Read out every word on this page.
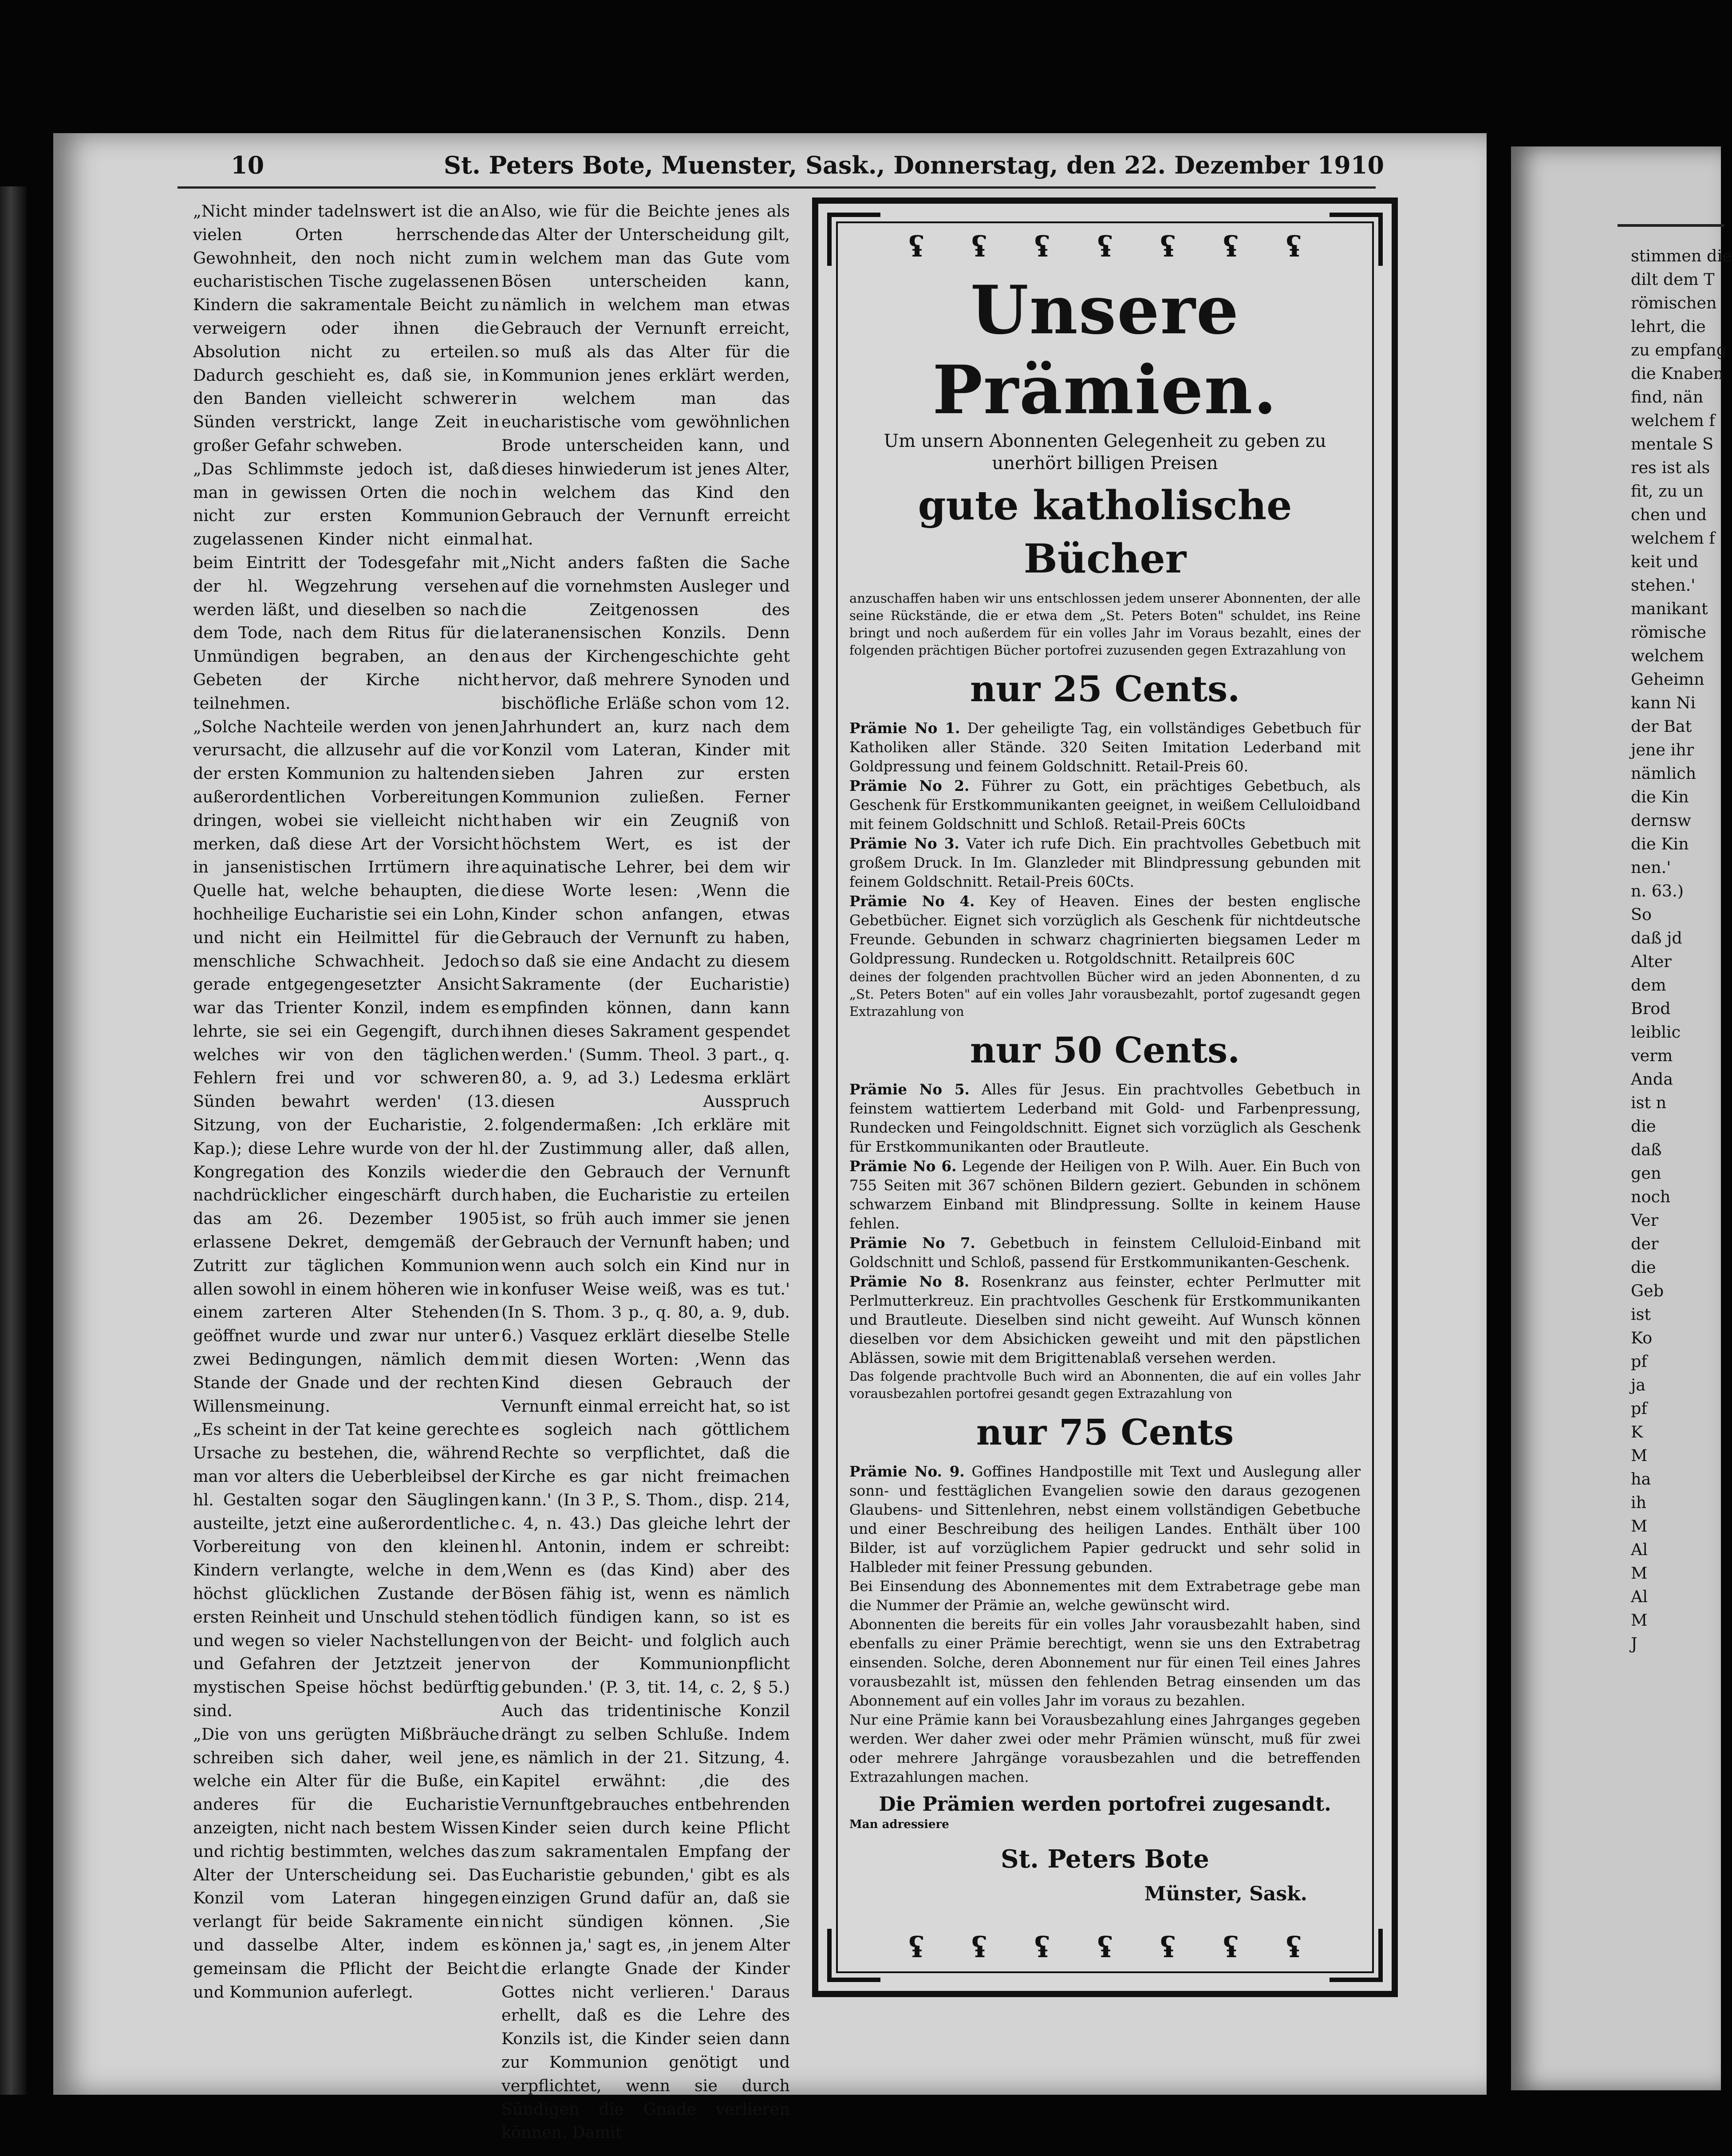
10	St. Peters Bote, Muenster, Sask., Donnerstag, den 22. Dezember 1910

„Nicht minder tadelnswert ist die an vielen Orten herrschende Gewohnheit, den noch nicht zum eucharistischen Tische zugelassenen Kindern die sakramentale Beicht zu verweigern oder ihnen die Absolution nicht zu erteilen. Dadurch geschieht es, daß sie, in den Banden vielleicht schwerer Sünden verstrickt, lange Zeit in großer Gefahr schweben.

„Das Schlimmste jedoch ist, daß man in gewissen Orten die noch nicht zur ersten Kommunion zugelassenen Kinder nicht einmal beim Eintritt der Todesgefahr mit der hl. Wegzehrung versehen werden läßt, und dieselben so nach dem Tode, nach dem Ritus für die Unmündigen begraben, an den Gebeten der Kirche nicht teilnehmen.

„Solche Nachteile werden von jenen verursacht, die allzusehr auf die vor der ersten Kommunion zu haltenden außerordentlichen Vorbereitungen dringen, wobei sie vielleicht nicht merken, daß diese Art der Vorsicht in jansenistischen Irrtümern ihre Quelle hat, welche behaupten, die hochheilige Eucharistie sei ein Lohn, und nicht ein Heilmittel für die menschliche Schwachheit. Jedoch gerade entgegengesetzter Ansicht war das Trienter Konzil, indem es lehrte, sie sei ein Gegengift, durch welches wir von den täglichen Fehlern frei und vor schweren Sünden bewahrt werden' (13. Sitzung, von der Eucharistie, 2. Kap.); diese Lehre wurde von der hl. Kongregation des Konzils wieder nachdrücklicher eingeschärft durch das am 26. Dezember 1905 erlassene Dekret, demgemäß der Zutritt zur täglichen Kommunion allen sowohl in einem höheren wie in einem zarteren Alter Stehenden geöffnet wurde und zwar nur unter zwei Bedingungen, nämlich dem Stande der Gnade und der rechten Willensmeinung.

„Es scheint in der Tat keine gerechte Ursache zu bestehen, die, während man vor alters die Ueberbleibsel der hl. Gestalten sogar den Säuglingen austeilte, jetzt eine außerordentliche Vorbereitung von den kleinen Kindern verlangte, welche in dem höchst glücklichen Zustande der ersten Reinheit und Unschuld stehen und wegen so vieler Nachstellungen und Gefahren der Jetztzeit jener mystischen Speise höchst bedürftig sind.

„Die von uns gerügten Mißbräuche schreiben sich daher, weil jene, welche ein Alter für die Buße, ein anderes für die Eucharistie anzeigten, nicht nach bestem Wissen und richtig bestimmten, welches das Alter der Unterscheidung sei. Das Konzil vom Lateran hingegen verlangt für beide Sakramente ein und dasselbe Alter, indem es gemeinsam die Pflicht der Beicht und Kommunion auferlegt.

Also, wie für die Beichte jenes als das Alter der Unterscheidung gilt, in welchem man das Gute vom Bösen unterscheiden kann, nämlich in welchem man etwas Gebrauch der Vernunft erreicht, so muß als das Alter für die Kommunion jenes erklärt werden, in welchem man das eucharistische vom gewöhnlichen Brode unterscheiden kann, und dieses hinwiederum ist jenes Alter, in welchem das Kind den Gebrauch der Vernunft erreicht hat.

„Nicht anders faßten die Sache auf die vornehmsten Ausleger und die Zeitgenossen des lateranensischen Konzils. Denn aus der Kirchengeschichte geht hervor, daß mehrere Synoden und bischöfliche Erläße schon vom 12. Jahrhundert an, kurz nach dem Konzil vom Lateran, Kinder mit sieben Jahren zur ersten Kommunion zuließen. Ferner haben wir ein Zeugniß von höchstem Wert, es ist der aquinatische Lehrer, bei dem wir diese Worte lesen: ‚Wenn die Kinder schon anfangen, etwas Gebrauch der Vernunft zu haben, so daß sie eine Andacht zu diesem Sakramente (der Eucharistie) empfinden können, dann kann ihnen dieses Sakrament gespendet werden.' (Summ. Theol. 3 part., q. 80, a. 9, ad 3.) Ledesma erklärt diesen Ausspruch folgendermaßen: ‚Ich erkläre mit der Zustimmung aller, daß allen, die den Gebrauch der Vernunft haben, die Eucharistie zu erteilen ist, so früh auch immer sie jenen Gebrauch der Vernunft haben; und wenn auch solch ein Kind nur in konfuser Weise weiß, was es tut.' (In S. Thom. 3 p., q. 80, a. 9, dub. 6.) Vasquez erklärt dieselbe Stelle mit diesen Worten: ‚Wenn das Kind diesen Gebrauch der Vernunft einmal erreicht hat, so ist es sogleich nach göttlichem Rechte so verpflichtet, daß die Kirche es gar nicht freimachen kann.' (In 3 P., S. Thom., disp. 214, c. 4, n. 43.) Das gleiche lehrt der hl. Antonin, indem er schreibt: ‚Wenn es (das Kind) aber des Bösen fähig ist, wenn es nämlich tödlich fündigen kann, so ist es von der Beicht- und folglich auch von der Kommunionpflicht gebunden.' (P. 3, tit. 14, c. 2, § 5.) Auch das tridentinische Konzil drängt zu selben Schluße. Indem es nämlich in der 21. Sitzung, 4. Kapitel erwähnt: ‚die des Vernunftgebrauches entbehrenden Kinder seien durch keine Pflicht zum sakramentalen Empfang der Eucharistie gebunden,' gibt es als einzigen Grund dafür an, daß sie nicht sündigen können. ‚Sie können ja,' sagt es, ‚in jenem Alter die erlangte Gnade der Kinder Gottes nicht verlieren.' Daraus erhellt, daß es die Lehre des Konzils ist, die Kinder seien dann zur Kommunion genötigt und verpflichtet, wenn sie durch Sündigen die Gnade verlieren können. Damit

ʢ ʢ ʢ ʢ ʢ ʢ ʢ
ʢ ʢ ʢ ʢ ʢ ʢ ʢ
Unsere Prämien.
Um unsern Abonnenten Gelegenheit zu geben zu
unerhört billigen Preisen
gute katholische Bücher
anzuschaffen haben wir uns entschlossen jedem unserer Abonnenten, der alle seine Rückstände, die er etwa dem „St. Peters Boten" schuldet, ins Reine bringt und noch außerdem für ein volles Jahr im Voraus bezahlt, eines der folgenden prächtigen Bücher portofrei zuzusenden gegen Extrazahlung von
nur 25 Cents.

Prämie No 1. Der geheiligte Tag, ein vollständiges Gebetbuch für Katholiken aller Stände. 320 Seiten Imitation Lederband mit Goldpressung und feinem Goldschnitt. Retail-Preis 60.

Prämie No 2. Führer zu Gott, ein prächtiges Gebetbuch, als Geschenk für Erstkommunikanten geeignet, in weißem Celluloidband mit feinem Goldschnitt und Schloß. Retail-Preis 60Cts

Prämie No 3. Vater ich rufe Dich. Ein prachtvolles Gebetbuch mit großem Druck. In Im. Glanzleder mit Blindpressung gebunden mit feinem Goldschnitt. Retail-Preis 60Cts.

Prämie No 4. Key of Heaven. Eines der besten englische Gebetbücher. Eignet sich vorzüglich als Geschenk für nichtdeutsche Freunde. Gebunden in schwarz chagrinierten biegsamen Leder m Goldpressung. Rundecken u. Rotgoldschnitt. Retailpreis 60C

deines der folgenden prachtvollen Bücher wird an jeden Abonnenten, d zu „St. Peters Boten" auf ein volles Jahr vorausbezahlt, portof zugesandt gegen Extrazahlung von
nur 50 Cents.

Prämie No 5. Alles für Jesus. Ein prachtvolles Gebetbuch in feinstem wattiertem Lederband mit Gold- und Farbenpressung, Rundecken und Feingoldschnitt. Eignet sich vorzüglich als Geschenk für Erstkommunikanten oder Brautleute.

Prämie No 6. Legende der Heiligen von P. Wilh. Auer. Ein Buch von 755 Seiten mit 367 schönen Bildern geziert. Gebunden in schönem schwarzem Einband mit Blindpressung. Sollte in keinem Hause fehlen.

Prämie No 7. Gebetbuch in feinstem Celluloid-Einband mit Goldschnitt und Schloß, passend für Erstkommunikanten-Geschenk.

Prämie No 8. Rosenkranz aus feinster, echter Perlmutter mit Perlmutterkreuz. Ein prachtvolles Geschenk für Erstkommunikanten und Brautleute. Dieselben sind nicht geweiht. Auf Wunsch können dieselben vor dem Absichicken geweiht und mit den päpstlichen Ablässen, sowie mit dem Brigittenablaß versehen werden.

Das folgende prachtvolle Buch wird an Abonnenten, die auf ein volles Jahr vorausbezahlen portofrei gesandt gegen Extrazahlung von
nur 75 Cents

Prämie No. 9. Goffines Handpostille mit Text und Auslegung aller sonn- und festtäglichen Evangelien sowie den daraus gezogenen Glaubens- und Sittenlehren, nebst einem vollständigen Gebetbuche und einer Beschreibung des heiligen Landes. Enthält über 100 Bilder, ist auf vorzüglichem Papier gedruckt und sehr solid in Halbleder mit feiner Pressung gebunden.

Bei Einsendung des Abonnementes mit dem Extrabetrage gebe man die Nummer der Prämie an, welche gewünscht wird.
Abonnenten die bereits für ein volles Jahr vorausbezahlt haben, sind ebenfalls zu einer Prämie berechtigt, wenn sie uns den Extrabetrag einsenden. Solche, deren Abonnement nur für einen Teil eines Jahres vorausbezahlt ist, müssen den fehlenden Betrag einsenden um das Abonnement auf ein volles Jahr im voraus zu bezahlen.
Nur eine Prämie kann bei Vorausbezahlung eines Jahrganges gegeben werden. Wer daher zwei oder mehr Prämien wünscht, muß für zwei oder mehrere Jahrgänge vorausbezahlen und die betreffenden Extrazahlungen machen.
Die Prämien werden portofrei zugesandt.
Man adressiere
St. Peters Bote
Münster, Sask.
stimmen die
dilt dem T
römischen
lehrt, die
zu empfang
die Knaben
find, nän
welchem f
mentale S
res ist als
fit, zu un
chen und
welchem f
keit und
stehen.'
manikant
römische
welchem
Geheimn
kann Ni
der Bat
jene ihr
nämlich
die Kin
dernsw
die Kin
nen.'
n. 63.)
So
daß jd
Alter
dem
Brod
leiblic
verm
Anda
ist n
die
daß
gen
noch
Ver
der
die
Geb
ist
Ko
pf
ja
pf
K
M
ha
ih
M
Al
M
Al
M
J
